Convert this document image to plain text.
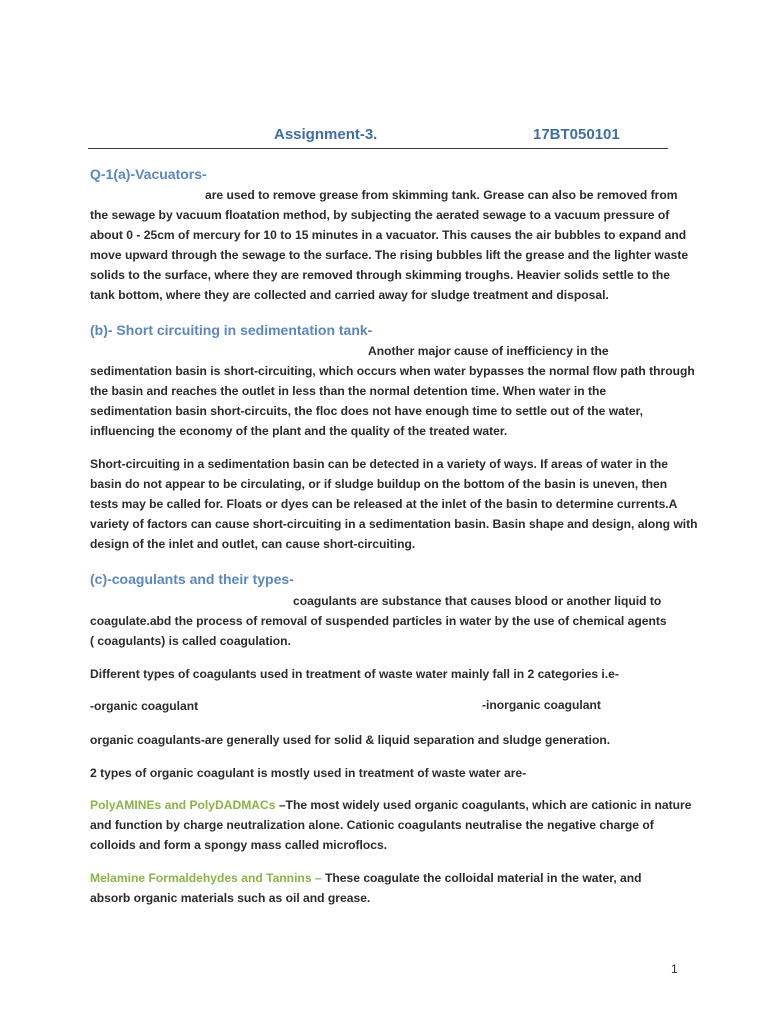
Assignment-3.	17BT050101
Q-1(a)-Vacuators-
are used to remove grease from skimming tank. Grease can also be removed from
the sewage by vacuum floatation method, by subjecting the aerated sewage to a vacuum pressure of
about 0 - 25cm of mercury for 10 to 15 minutes in a vacuator. This causes the air bubbles to expand and
move upward through the sewage to the surface. The rising bubbles lift the grease and the lighter waste
solids to the surface, where they are removed through skimming troughs. Heavier solids settle to the
tank bottom, where they are collected and carried away for sludge treatment and disposal.
(b)- Short circuiting in sedimentation tank-
Another major cause of inefficiency in the
sedimentation basin is short-circuiting, which occurs when water bypasses the normal flow path through
the basin and reaches the outlet in less than the normal detention time. When water in the
sedimentation basin short-circuits, the floc does not have enough time to settle out of the water,
influencing the economy of the plant and the quality of the treated water.
Short-circuiting in a sedimentation basin can be detected in a variety of ways. If areas of water in the
basin do not appear to be circulating, or if sludge buildup on the bottom of the basin is uneven, then
tests may be called for. Floats or dyes can be released at the inlet of the basin to determine currents.A
variety of factors can cause short-circuiting in a sedimentation basin. Basin shape and design, along with
design of the inlet and outlet, can cause short-circuiting.
(c)-coagulants and their types-
coagulants are substance that causes blood or another liquid to
coagulate.abd the process of removal of suspended particles in water by the use of chemical agents
( coagulants) is called coagulation.
Different types of coagulants used in treatment of waste water mainly fall in 2 categories i.e-
-organic coagulant	-inorganic coagulant
organic coagulants-are generally used for solid & liquid separation and sludge generation.
2 types of organic coagulant is mostly used in treatment of waste water are-
PolyAMINEs and PolyDADMACs –The most widely used organic coagulants, which are cationic in nature
and function by charge neutralization alone. Cationic coagulants neutralise the negative charge of
colloids and form a spongy mass called microflocs.
Melamine Formaldehydes and Tannins – These coagulate the colloidal material in the water, and
absorb organic materials such as oil and grease.
1
